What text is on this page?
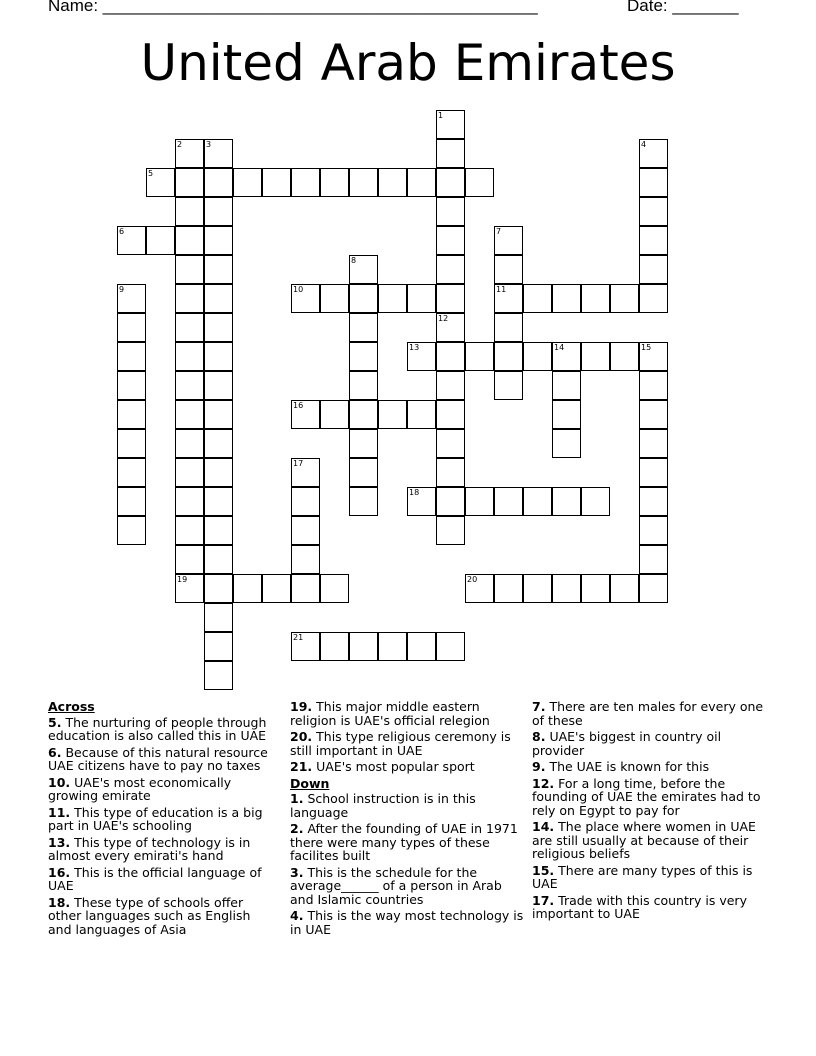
Name: ______________________________________________	Date: _______
United Arab Emirates
1
2	3	4
5
6	7
11
8
9	10
12
13	14	15
16
17
18
19	20
21
Across
5. The nurturing of people through education is also called this in UAE
6. Because of this natural resource UAE citizens have to pay no taxes
10. UAE's most economically growing emirate
11. This type of education is a big part in UAE's schooling
13. This type of technology is in almost every emirati's hand
16. This is the official language of UAE
18. These type of schools offer other languages such as English and languages of Asia
19. This major middle eastern religion is UAE's official relegion
20. This type religious ceremony is still important in UAE
21. UAE's most popular sport
Down
1. School instruction is in this language
2. After the founding of UAE in 1971 there were many types of these facilites built
3. This is the schedule for the average______ of a person in Arab and Islamic countries
4. This is the way most technology is in UAE
7. There are ten males for every one of these
8. UAE's biggest in country oil provider
9. The UAE is known for this
12. For a long time, before the founding of UAE the emirates had to rely on Egypt to pay for
14. The place where women in UAE are still usually at because of their religious beliefs
15. There are many types of this is UAE
17. Trade with this country is very important to UAE
